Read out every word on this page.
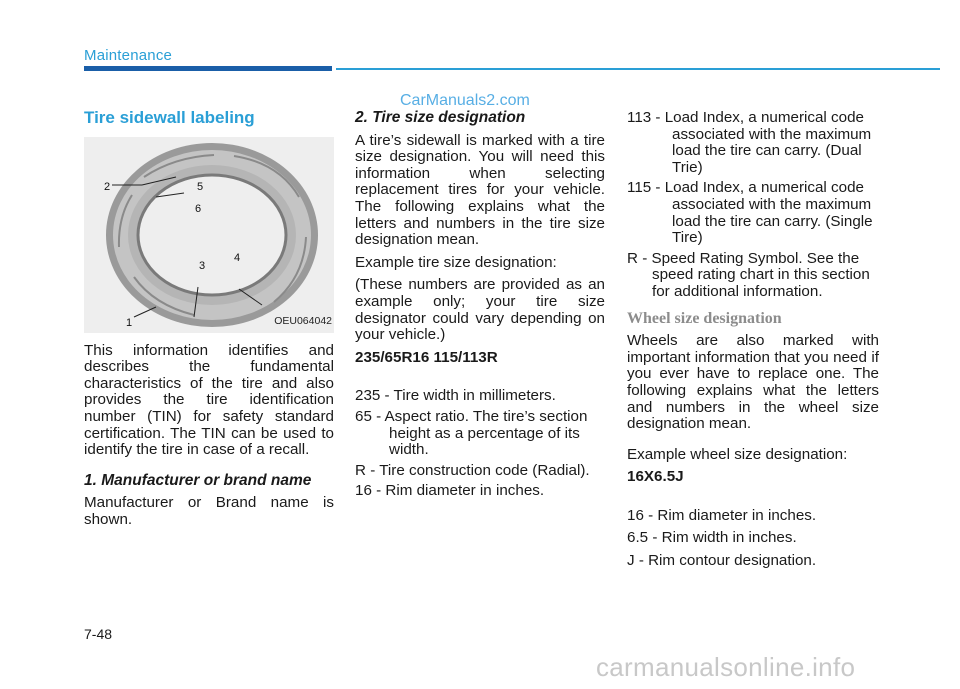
Maintenance
CarManuals2.com
Tire sidewall labeling
2	5
6
4
3
1	OEU064042

This information identifies and describes the fundamental characteristics of the tire and also provides the tire identification number (TIN) for safety standard certification. The TIN can be used to identify the tire in case of a recall.

1. Manufacturer or brand name

Manufacturer or Brand name is shown.

2. Tire size designation

A tire’s sidewall is marked with a tire size designation. You will need this information when selecting replacement tires for your vehicle. The following explains what the letters and numbers in the tire size designation mean.

Example tire size designation:

(These numbers are provided as an example only; your tire size designator could vary depending on your vehicle.)

235/65R16 115/113R

235 - Tire width in millimeters.

65 - Aspect ratio. The tire’s section height as a percentage of its width.

R - Tire construction code (Radial).

16 - Rim diameter in inches.

113 - Load Index, a numerical code associated with the maximum load the tire can carry. (Dual Trie)

115 - Load Index, a numerical code associated with the maximum load the tire can carry. (Single Tire)

R - Speed Rating Symbol. See the speed rating chart in this section for additional information.

Wheel size designation

Wheels are also marked with important information that you need if you ever have to replace one. The following explains what the letters and numbers in the wheel size designation mean.

Example wheel size designation:

16X6.5J

16 - Rim diameter in inches.

6.5 - Rim width in inches.

J - Rim contour designation.

7-48
carmanualsonline.info
